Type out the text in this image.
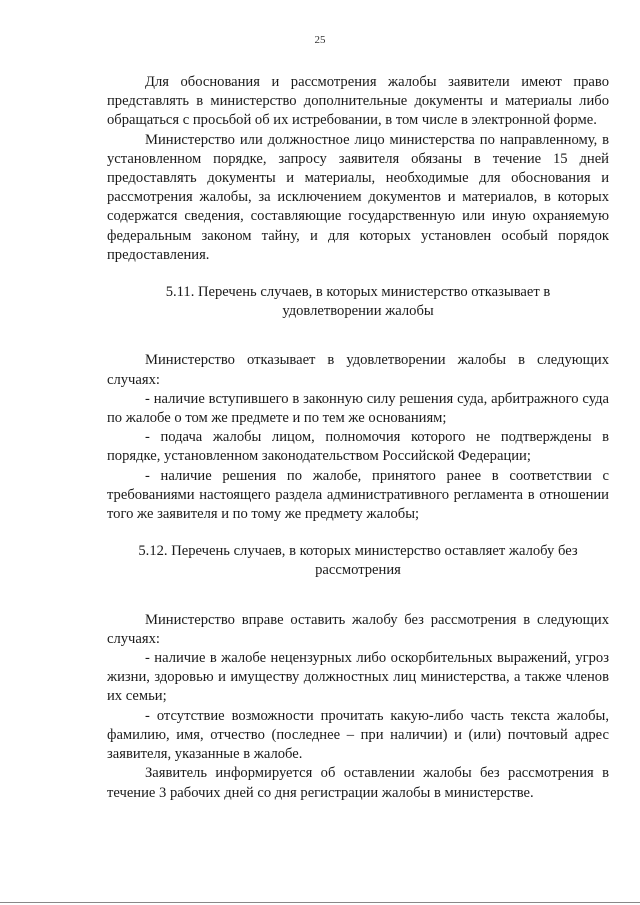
25

Для обоснования и рассмотрения жалобы заявители имеют право представлять в министерство дополнительные документы и материалы либо обращаться с просьбой об их истребовании, в том числе в электронной форме.

Министерство или должностное лицо министерства по направленному, в установленном порядке, запросу заявителя обязаны в течение 15 дней предоставлять документы и материалы, необходимые для обоснования и рассмотрения жалобы, за исключением документов и материалов, в которых содержатся сведения, составляющие государственную или иную охраняемую федеральным законом тайну, и для которых установлен особый порядок предоставления.

5.11. Перечень случаев, в которых министерство отказывает в
удовлетворении жалобы

Министерство отказывает в удовлетворении жалобы в следующих случаях:

- наличие вступившего в законную силу решения суда, арбитражного суда по жалобе о том же предмете и по тем же основаниям;

- подача жалобы лицом, полномочия которого не подтверждены в порядке, установленном законодательством Российской Федерации;

- наличие решения по жалобе, принятого ранее в соответствии с требованиями настоящего раздела административного регламента в отношении того же заявителя и по тому же предмету жалобы;

5.12. Перечень случаев, в которых министерство оставляет жалобу без
рассмотрения

Министерство вправе оставить жалобу без рассмотрения в следующих случаях:

- наличие в жалобе нецензурных либо оскорбительных выражений, угроз жизни, здоровью и имуществу должностных лиц министерства, а также членов их семьи;

- отсутствие возможности прочитать какую-либо часть текста жалобы, фамилию, имя, отчество (последнее – при наличии) и (или) почтовый адрес заявителя, указанные в жалобе.

Заявитель информируется об оставлении жалобы без рассмотрения в течение 3 рабочих дней со дня регистрации жалобы в министерстве.
